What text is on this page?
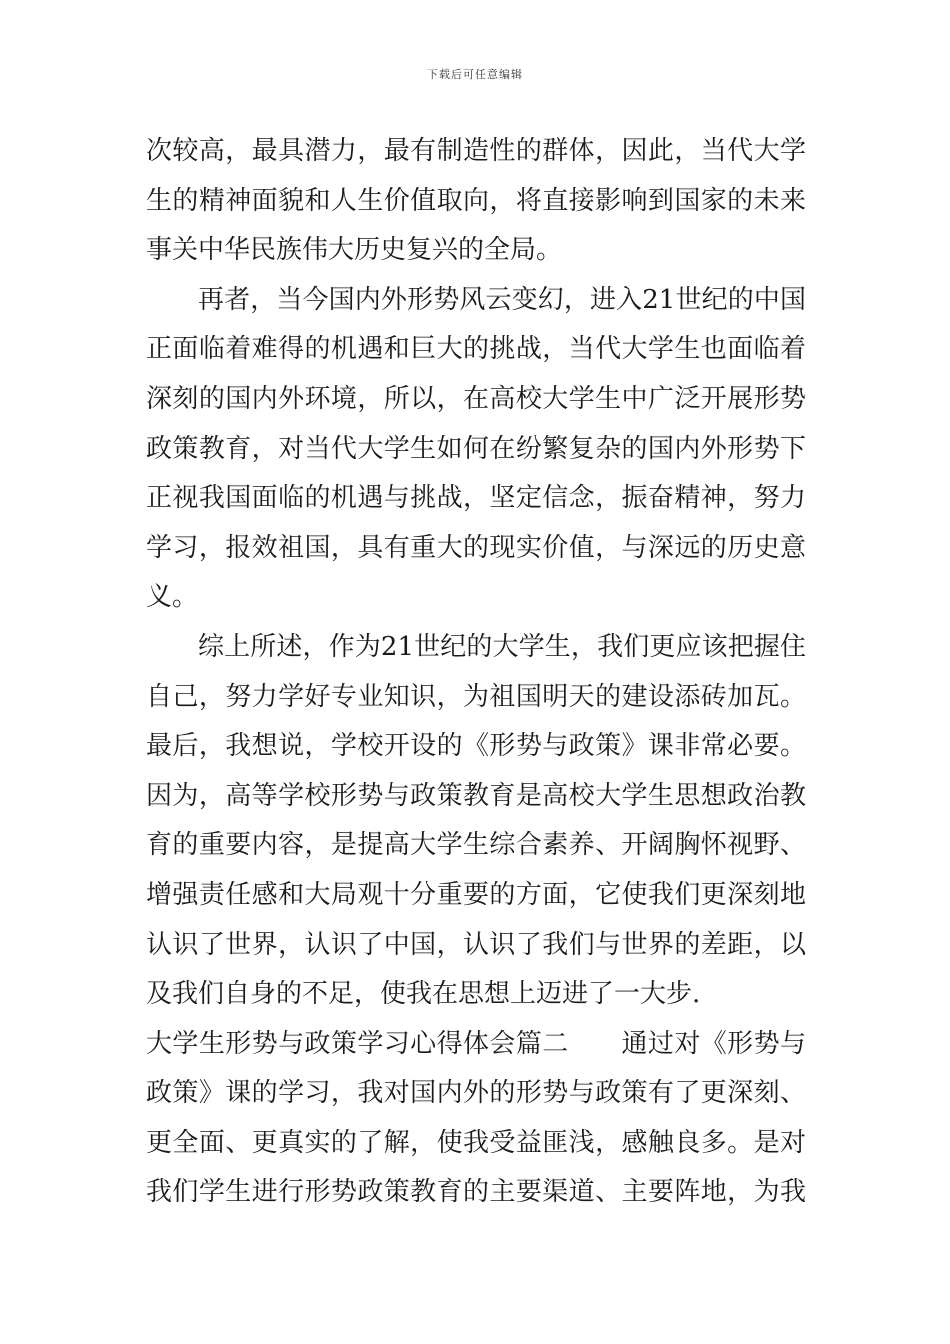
下载后可任意编辑
次较高，最具潜力，最有制造性的群体，因此，当代大学
生的精神面貌和人生价值取向，将直接影响到国家的未来
事关中华民族伟大历史复兴的全局。
再者，当今国内外形势风云变幻，进入21世纪的中国
正面临着难得的机遇和巨大的挑战，当代大学生也面临着
深刻的国内外环境，所以，在高校大学生中广泛开展形势
政策教育，对当代大学生如何在纷繁复杂的国内外形势下
正视我国面临的机遇与挑战，坚定信念，振奋精神，努力
学习，报效祖国，具有重大的现实价值，与深远的历史意
义。
综上所述，作为21世纪的大学生，我们更应该把握住
自己，努力学好专业知识，为祖国明天的建设添砖加瓦。
最后，我想说，学校开设的《形势与政策》课非常必要。
因为，高等学校形势与政策教育是高校大学生思想政治教
育的重要内容，是提高大学生综合素养、开阔胸怀视野、
增强责任感和大局观十分重要的方面，它使我们更深刻地
认识了世界，认识了中国，认识了我们与世界的差距，以
及我们自身的不足，使我在思想上迈进了一大步.
大学生形势与政策学习心得体会篇二　　通过对《形势与
政策》课的学习，我对国内外的形势与政策有了更深刻、
更全面、更真实的了解，使我受益匪浅，感触良多。是对
我们学生进行形势政策教育的主要渠道、主要阵地，为我
